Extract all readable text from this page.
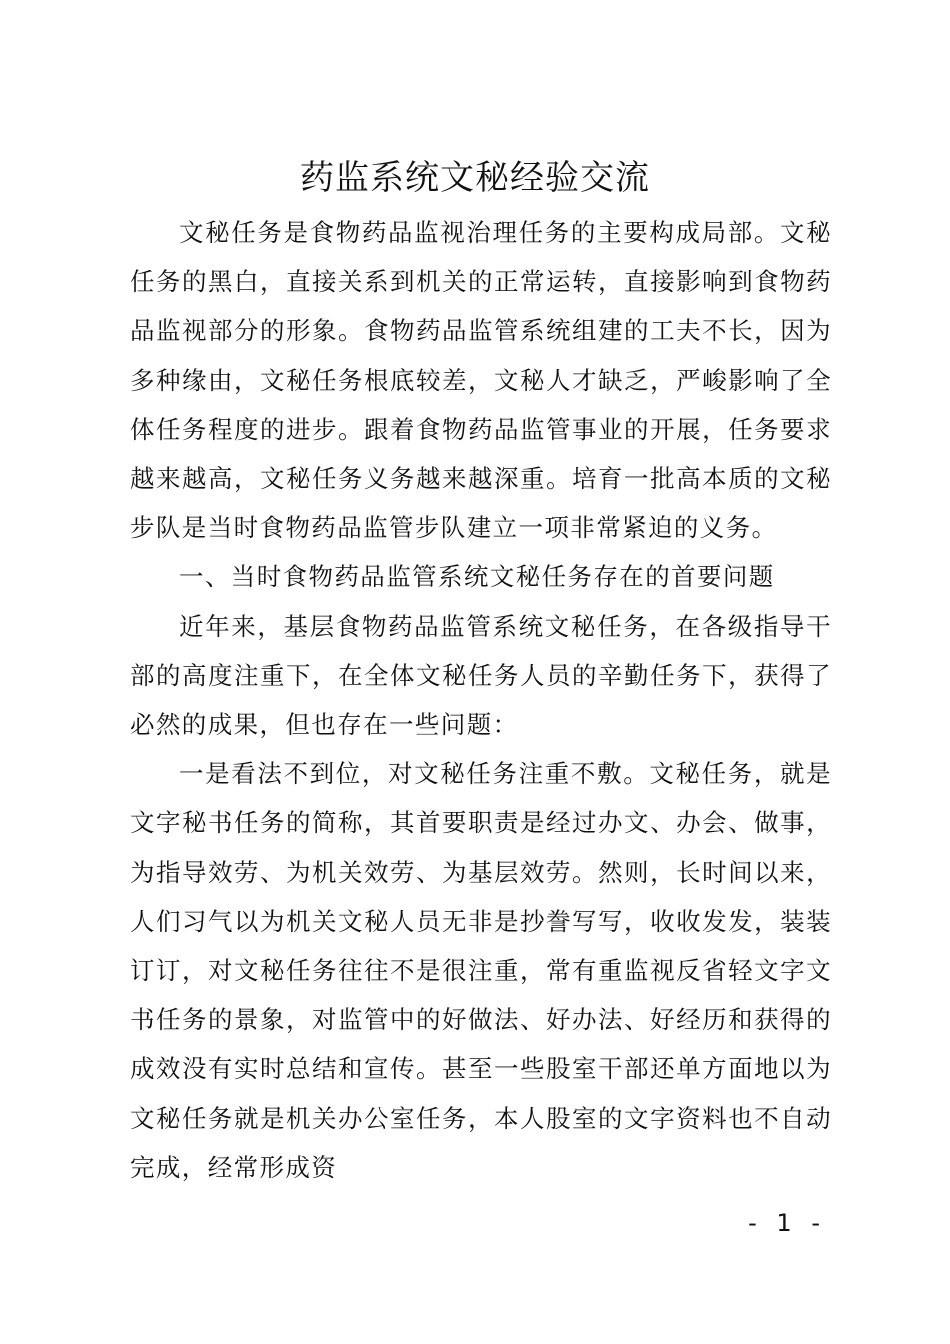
药监系统文秘经验交流

文秘任务是食物药品监视治理任务的主要构成局部。文秘任务的黑白，直接关系到机关的正常运转，直接影响到食物药品监视部分的形象。食物药品监管系统组建的工夫不长，因为多种缘由，文秘任务根底较差，文秘人才缺乏，严峻影响了全体任务程度的进步。跟着食物药品监管事业的开展，任务要求越来越高，文秘任务义务越来越深重。培育一批高本质的文秘步队是当时食物药品监管步队建立一项非常紧迫的义务。

一、当时食物药品监管系统文秘任务存在的首要问题

近年来，基层食物药品监管系统文秘任务，在各级指导干部的高度注重下，在全体文秘任务人员的辛勤任务下，获得了必然的成果，但也存在一些问题：

一是看法不到位，对文秘任务注重不敷。文秘任务，就是文字秘书任务的简称，其首要职责是经过办文、办会、做事，为指导效劳、为机关效劳、为基层效劳。然则，长时间以来，人们习气以为机关文秘人员无非是抄誊写写，收收发发，装装订订，对文秘任务往往不是很注重，常有重监视反省轻文字文书任务的景象，对监管中的好做法、好办法、好经历和获得的成效没有实时总结和宣传。甚至一些股室干部还单方面地以为文秘任务就是机关办公室任务，本人股室的文字资料也不自动完成，经常形成资

- 1 -
